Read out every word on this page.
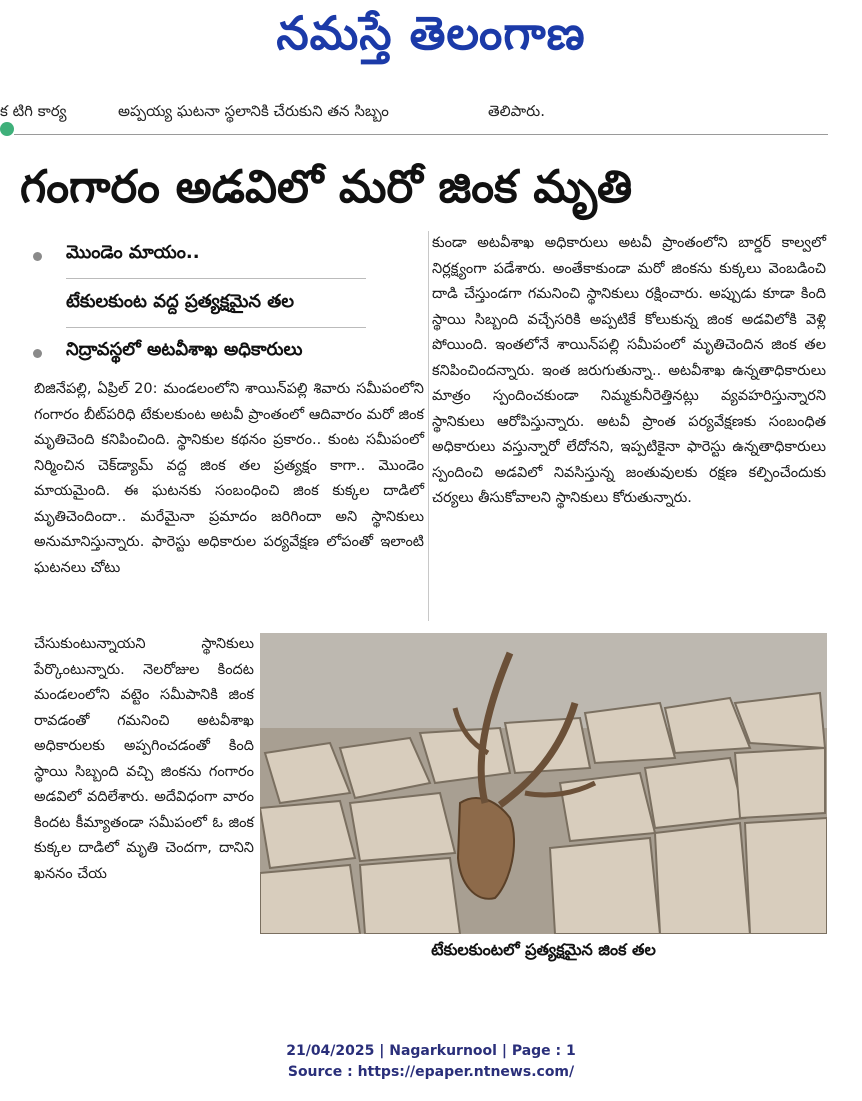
నమస్తే తెలంగాణ
క టిగి కార్య	అప్పయ్య ఘటనా స్థలానికి చేరుకుని తన సిబ్బం	తెలిపారు.
గంగారం అడవిలో మరో జింక మృతి
మొండెం మాయం..
టేకులకుంట వద్ద ప్రత్యక్షమైన తల
నిద్రావస్థలో అటవీశాఖ అధికారులు
బిజినేపల్లి, ఏప్రిల్ 20: మండలంలోని శాయిన్‌పల్లి శివారు సమీపంలోని గంగారం బీట్‌పరిధి టేకులకుంట అటవీ ప్రాంతంలో ఆదివారం మరో జింక మృతిచెంది కనిపించింది. స్థానికుల కథనం ప్రకారం.. కుంట సమీపంలో నిర్మించిన చెక్‌డ్యామ్ వద్ద జింక తల ప్రత్యక్షం కాగా.. మొండెం మాయమైంది. ఈ ఘటనకు సంబంధించి జింక కుక్కల దాడిలో మృతిచెందిందా.. మరేమైనా ప్రమాదం జరిగిందా అని స్థానికులు అనుమానిస్తున్నారు. ఫారెస్టు అధికారుల పర్యవేక్షణ లోపంతో ఇలాంటి ఘటనలు చోటు
చేసుకుంటున్నాయని స్థానికులు పేర్కొంటున్నారు. నెలరోజుల కిందట మండలంలోని వట్టెం సమీపానికి జింక రావడంతో గమనించి అటవీశాఖ అధికారులకు అప్పగించడంతో కింది స్థాయి సిబ్బంది వచ్చి జింకను గంగారం అడవిలో వదిలేశారు. అదేవిధంగా వారం కిందట కీమ్యాతండా సమీపంలో ఓ జింక కుక్కల దాడిలో మృతి చెందగా, దానిని ఖననం చేయ
కుండా అటవీశాఖ అధికారులు అటవీ ప్రాంతంలోని బార్డర్ కాల్వలో నిర్లక్ష్యంగా పడేశారు. అంతేకాకుండా మరో జింకను కుక్కలు వెంబడించి దాడి చేస్తుండగా గమనించి స్థానికులు రక్షించారు. అప్పుడు కూడా కింది స్థాయి సిబ్బంది వచ్చేసరికి అప్పటికే కోలుకున్న జింక అడవిలోకి వెళ్లి పోయింది. ఇంతలోనే శాయిన్‌పల్లి సమీపంలో మృతిచెందిన జింక తల కనిపించిందన్నారు. ఇంత జరుగుతున్నా.. అటవీశాఖ ఉన్నతాధికారులు మాత్రం స్పందించకుండా నిమ్మకునీరెత్తినట్లు వ్యవహరిస్తున్నారని స్థానికులు ఆరోపిస్తున్నారు. అటవీ ప్రాంత పర్యవేక్షణకు సంబంధిత అధికారులు వస్తున్నారో లేదోనని, ఇప్పటికైనా ఫారెస్టు ఉన్నతాధికారులు స్పందించి అడవిలో నివసిస్తున్న జంతువులకు రక్షణ కల్పించేందుకు చర్యలు తీసుకోవాలని స్థానికులు కోరుతున్నారు.
టేకులకుంటలో ప్రత్యక్షమైన జింక తల
21/04/2025 | Nagarkurnool | Page : 1
Source : https://epaper.ntnews.com/
